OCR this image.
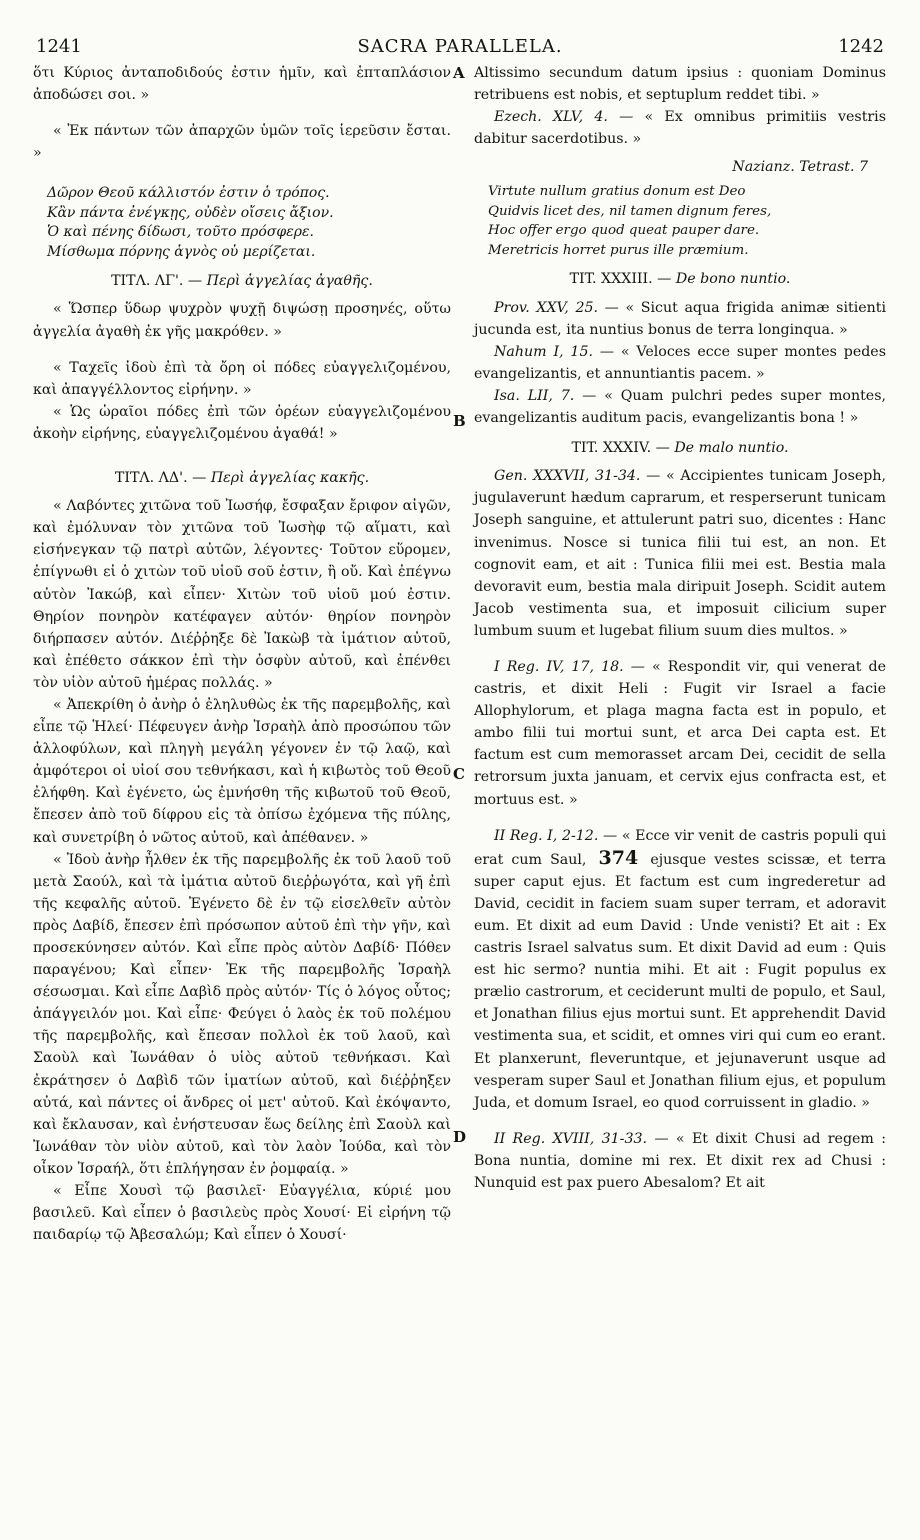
1241	SACRA PARALLELA.	1242
A
B
C
D

ὅτι Κύριος ἀνταποδιδούς ἐστιν ἡμῖν, καὶ ἑπταπλάσιον ἀποδώσει σοι. »

« Ἐκ πάντων τῶν ἀπαρχῶν ὑμῶν τοῖς ἱερεῦσιν ἔσται. »

Δῶρον Θεοῦ κάλλιστόν ἐστιν ὁ τρόπος.
Κἂν πάντα ἐνέγκῃς, οὐδὲν οἴσεις ἄξιον.
Ὁ καὶ πένης δίδωσι, τοῦτο πρόσφερε.
Μίσθωμα πόρνης ἁγνὸς οὐ μερίζεται.
ΤΙΤΛ. ΛΓ'. — Περὶ ἀγγελίας ἀγαθῆς.

« Ὥσπερ ὕδωρ ψυχρὸν ψυχῇ διψώσῃ προσηνές, οὕτω ἀγγελία ἀγαθὴ ἐκ γῆς μακρόθεν. »

« Ταχεῖς ἰδοὺ ἐπὶ τὰ ὄρη οἱ πόδες εὐαγγελιζομένου, καὶ ἀπαγγέλλοντος εἰρήνην. »

« Ὡς ὡραῖοι πόδες ἐπὶ τῶν ὀρέων εὐαγγελιζομένου ἀκοὴν εἰρήνης, εὐαγγελιζομένου ἀγαθά! »

ΤΙΤΛ. ΛΔ'. — Περὶ ἀγγελίας κακῆς.

« Λαβόντες χιτῶνα τοῦ Ἰωσήφ, ἔσφαξαν ἔριφον αἰγῶν, καὶ ἐμόλυναν τὸν χιτῶνα τοῦ Ἰωσὴφ τῷ αἵματι, καὶ εἰσήνεγκαν τῷ πατρὶ αὐτῶν, λέγοντες· Τοῦτον εὕρομεν, ἐπίγνωθι εἰ ὁ χιτὼν τοῦ υἱοῦ σοῦ ἐστιν, ἢ οὔ. Καὶ ἐπέγνω αὐτὸν Ἰακώβ, καὶ εἶπεν· Χιτὼν τοῦ υἱοῦ μού ἐστιν. Θηρίον πονηρὸν κατέφαγεν αὐτόν· θηρίον πονηρὸν διήρπασεν αὐτόν. Διέῤῥηξε δὲ Ἰακὼβ τὰ ἱμάτιον αὐτοῦ, καὶ ἐπέθετο σάκκον ἐπὶ τὴν ὀσφὺν αὐτοῦ, καὶ ἐπένθει τὸν υἱὸν αὐτοῦ ἡμέρας πολλάς. »

« Ἀπεκρίθη ὁ ἀνὴρ ὁ ἐληλυθὼς ἐκ τῆς παρεμβολῆς, καὶ εἶπε τῷ Ἡλεί· Πέφευγεν ἀνὴρ Ἰσραὴλ ἀπὸ προσώπου τῶν ἀλλοφύλων, καὶ πληγὴ μεγάλη γέγονεν ἐν τῷ λαῷ, καὶ ἀμφότεροι οἱ υἱοί σου τεθνήκασι, καὶ ἡ κιβωτὸς τοῦ Θεοῦ ἐλήφθη. Καὶ ἐγένετο, ὡς ἐμνήσθη τῆς κιβωτοῦ τοῦ Θεοῦ, ἔπεσεν ἀπὸ τοῦ δίφρου εἰς τὰ ὀπίσω ἐχόμενα τῆς πύλης, καὶ συνετρίβη ὁ νῶτος αὐτοῦ, καὶ ἀπέθανεν. »

« Ἰδοὺ ἀνὴρ ἦλθεν ἐκ τῆς παρεμβολῆς ἐκ τοῦ λαοῦ τοῦ μετὰ Σαούλ, καὶ τὰ ἱμάτια αὐτοῦ διεῤῥωγότα, καὶ γῆ ἐπὶ τῆς κεφαλῆς αὐτοῦ. Ἐγένετο δὲ ἐν τῷ εἰσελθεῖν αὐτὸν πρὸς Δαβίδ, ἔπεσεν ἐπὶ πρόσωπον αὐτοῦ ἐπὶ τὴν γῆν, καὶ προσεκύνησεν αὐτόν. Καὶ εἶπε πρὸς αὐτὸν Δαβίδ· Πόθεν παραγένου; Καὶ εἶπεν· Ἐκ τῆς παρεμβολῆς Ἰσραὴλ σέσωσμαι. Καὶ εἶπε Δαβὶδ πρὸς αὐτόν· Τίς ὁ λόγος οὗτος; ἀπάγγειλόν μοι. Καὶ εἶπε· Φεύγει ὁ λαὸς ἐκ τοῦ πολέμου τῆς παρεμβολῆς, καὶ ἔπεσαν πολλοὶ ἐκ τοῦ λαοῦ, καὶ Σαοὺλ καὶ Ἰωνάθαν ὁ υἱὸς αὐτοῦ τεθνήκασι. Καὶ ἐκράτησεν ὁ Δαβὶδ τῶν ἱματίων αὐτοῦ, καὶ διέῤῥηξεν αὐτά, καὶ πάντες οἱ ἄνδρες οἱ μετ' αὐτοῦ. Καὶ ἐκόψαντο, καὶ ἔκλαυσαν, καὶ ἐνήστευσαν ἕως δείλης ἐπὶ Σαοὺλ καὶ Ἰωνάθαν τὸν υἱὸν αὐτοῦ, καὶ τὸν λαὸν Ἰούδα, καὶ τὸν οἶκον Ἰσραήλ, ὅτι ἐπλήγησαν ἐν ῥομφαίᾳ. »

« Εἶπε Χουσὶ τῷ βασιλεῖ· Εὐαγγέλια, κύριέ μου βασιλεῦ. Καὶ εἶπεν ὁ βασιλεὺς πρὸς Χουσί· Εἰ εἰρήνη τῷ παιδαρίῳ τῷ Ἀβεσαλώμ; Καὶ εἶπεν ὁ Χουσί·

Altissimo secundum datum ipsius : quoniam Dominus retribuens est nobis, et septuplum reddet tibi. »

Ezech. XLV, 4. — « Ex omnibus primitiis vestris dabitur sacerdotibus. »

Nazianz. Tetrast. 7
Virtute nullum gratius donum est Deo
Quidvis licet des, nil tamen dignum feres,
Hoc offer ergo quod queat pauper dare.
Meretricis horret purus ille præmium.
TIT. XXXIII. — De bono nuntio.

Prov. XXV, 25. — « Sicut aqua frigida animæ sitienti jucunda est, ita nuntius bonus de terra longinqua. »

Nahum I, 15. — « Veloces ecce super montes pedes evangelizantis, et annuntiantis pacem. »

Isa. LII, 7. — « Quam pulchri pedes super montes, evangelizantis auditum pacis, evangelizantis bona ! »

TIT. XXXIV. — De malo nuntio.

Gen. XXXVII, 31-34. — « Accipientes tunicam Joseph, jugulaverunt hædum caprarum, et resperserunt tunicam Joseph sanguine, et attulerunt patri suo, dicentes : Hanc invenimus. Nosce si tunica filii tui est, an non. Et cognovit eam, et ait : Tunica filii mei est. Bestia mala devoravit eum, bestia mala diripuit Joseph. Scidit autem Jacob vestimenta sua, et imposuit cilicium super lumbum suum et lugebat filium suum dies multos. »

I Reg. IV, 17, 18. — « Respondit vir, qui venerat de castris, et dixit Heli : Fugit vir Israel a facie Allophylorum, et plaga magna facta est in populo, et ambo filii tui mortui sunt, et arca Dei capta est. Et factum est cum memorasset arcam Dei, cecidit de sella retrorsum juxta januam, et cervix ejus confracta est, et mortuus est. »

II Reg. I, 2-12. — « Ecce vir venit de castris populi qui erat cum Saul, 374 ejusque vestes scissæ, et terra super caput ejus. Et factum est cum ingrederetur ad David, cecidit in faciem suam super terram, et adoravit eum. Et dixit ad eum David : Unde venisti? Et ait : Ex castris Israel salvatus sum. Et dixit David ad eum : Quis est hic sermo? nuntia mihi. Et ait : Fugit populus ex prælio castrorum, et ceciderunt multi de populo, et Saul, et Jonathan filius ejus mortui sunt. Et apprehendit David vestimenta sua, et scidit, et omnes viri qui cum eo erant. Et planxerunt, fleveruntque, et jejunaverunt usque ad vesperam super Saul et Jonathan filium ejus, et populum Juda, et domum Israel, eo quod corruissent in gladio. »

II Reg. XVIII, 31-33. — « Et dixit Chusi ad regem : Bona nuntia, domine mi rex. Et dixit rex ad Chusi : Nunquid est pax puero Abesalom? Et ait
